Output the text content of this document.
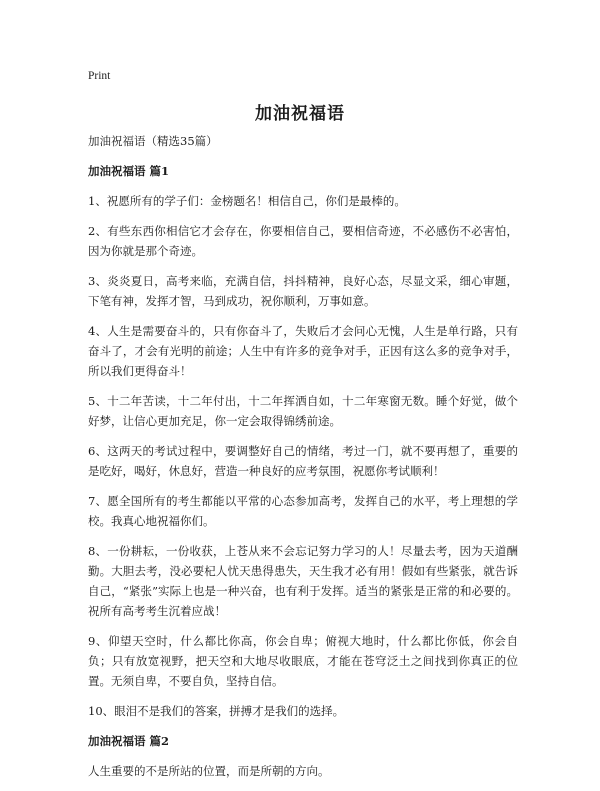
Print
加油祝福语

加油祝福语（精选35篇）

加油祝福语 篇1

1、祝愿所有的学子们：金榜题名！相信自己，你们是最棒的。

2、有些东西你相信它才会存在，你要相信自己，要相信奇迹，不必感伤不必害怕，因为你就是那个奇迹。

3、炎炎夏日，高考来临，充满自信，抖抖精神，良好心态，尽显文采，细心审题，下笔有神，发挥才智，马到成功，祝你顺利，万事如意。

4、人生是需要奋斗的，只有你奋斗了，失败后才会问心无愧，人生是单行路，只有奋斗了，才会有光明的前途；人生中有许多的竞争对手，正因有这么多的竞争对手，所以我们更得奋斗！

5、十二年苦读，十二年付出，十二年挥洒自如，十二年寒窗无数。睡个好觉，做个好梦，让信心更加充足，你一定会取得锦绣前途。

6、这两天的考试过程中，要调整好自己的情绪，考过一门，就不要再想了，重要的是吃好，喝好，休息好，营造一种良好的应考氛围，祝愿你考试顺利！

7、愿全国所有的考生都能以平常的心态参加高考，发挥自己的水平，考上理想的学校。我真心地祝福你们。

8、一份耕耘，一份收获，上苍从来不会忘记努力学习的人！尽量去考，因为天道酬勤。大胆去考，没必要杞人忧天患得患失，天生我才必有用！假如有些紧张，就告诉自己，“紧张”实际上也是一种兴奋，也有利于发挥。适当的紧张是正常的和必要的。祝所有高考考生沉着应战！

9、仰望天空时，什么都比你高，你会自卑；俯视大地时，什么都比你低，你会自负；只有放宽视野，把天空和大地尽收眼底，才能在苍穹泛土之间找到你真正的位置。无须自卑，不要自负，坚持自信。

10、眼泪不是我们的答案，拼搏才是我们的选择。

加油祝福语 篇2

人生重要的不是所站的位置，而是所朝的方向。
